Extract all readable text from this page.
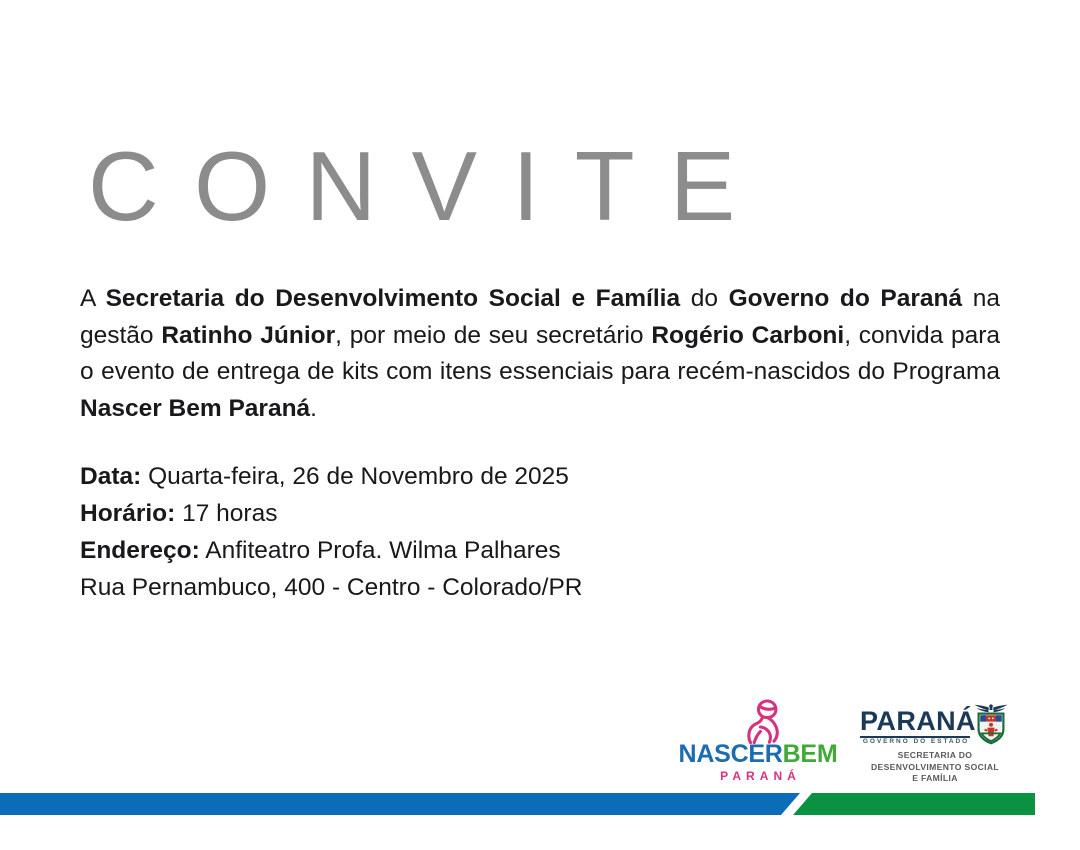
CONVITE

A Secretaria do Desenvolvimento Social e Família do Governo do Paraná na gestão Ratinho Júnior, por meio de seu secretário Rogério Carboni, convida para o evento de entrega de kits com itens essenciais para recém-nascidos do Programa Nascer Bem Paraná.

Data: Quarta-feira, 26 de Novembro de 2025
Horário: 17 horas
Endereço: Anfiteatro Profa. Wilma Palhares
Rua Pernambuco, 400 - Centro - Colorado/PR
NASCERBEM
PARANÁ
PARANÁ
GOVERNO DO ESTADO
SECRETARIA DO
DESENVOLVIMENTO SOCIAL
E FAMÍLIA
